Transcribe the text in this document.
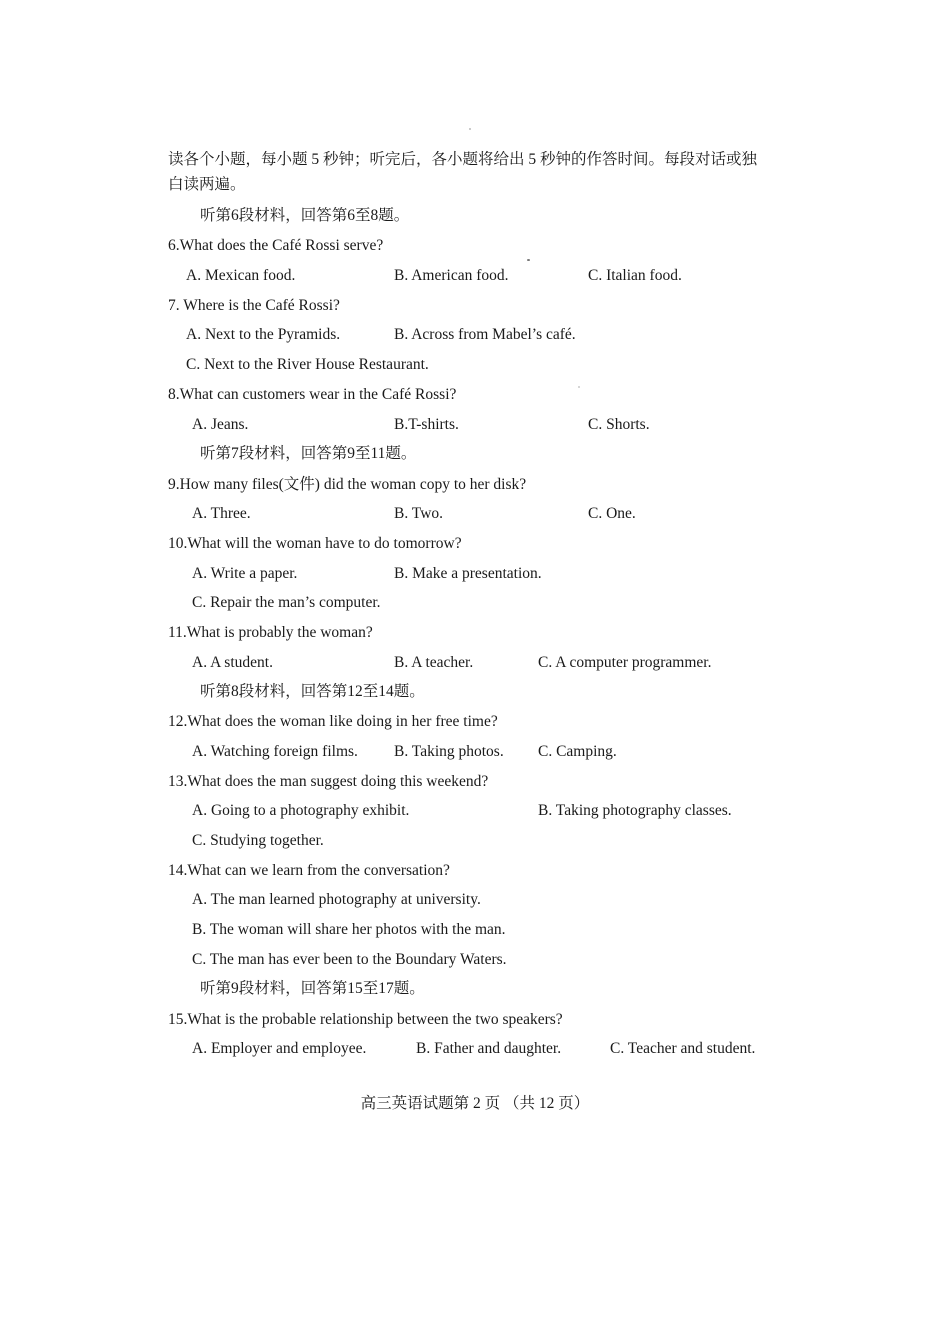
读各个小题，每小题 5 秒钟；听完后，各小题将给出 5 秒钟的作答时间。每段对话或独
白读两遍。
听第6段材料，回答第6至8题。
6.What does the Café Rossi serve?
A. Mexican food.	B. American food.	C. Italian food.
7. Where is the Café Rossi?
A. Next to the Pyramids.	B. Across from Mabel’s café.
C. Next to the River House Restaurant.
8.What can customers wear in the Café Rossi?
A. Jeans.	B.T-shirts.	C. Shorts.
听第7段材料，回答第9至11题。
9.How many files(文件) did the woman copy to her disk?
A. Three.	B. Two.	C. One.
10.What will the woman have to do tomorrow?
A. Write a paper.	B. Make a presentation.
C. Repair the man’s computer.
11.What is probably the woman?
A. A student.	B. A teacher.	C. A computer programmer.
听第8段材料，回答第12至14题。
12.What does the woman like doing in her free time?
A. Watching foreign films. B. Taking photos. C. Camping.
13.What does the man suggest doing this weekend?
A. Going to a photography exhibit.	B. Taking photography classes.
C. Studying together.
14.What can we learn from the conversation?
A. The man learned photography at university.
B. The woman will share her photos with the man.
C. The man has ever been to the Boundary Waters.
听第9段材料，回答第15至17题。
15.What is the probable relationship between the two speakers?
A. Employer and employee.	B. Father and daughter.	C. Teacher and student.
高三英语试题第 2 页 （共 12 页）
